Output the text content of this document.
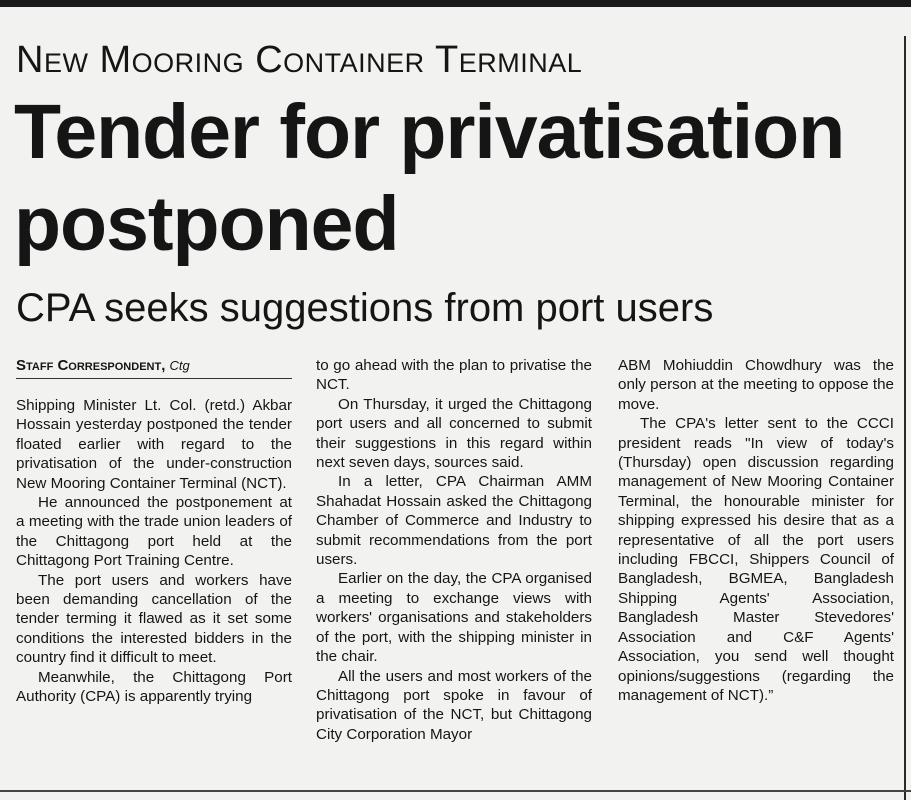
New Mooring Container Terminal
Tender for privatisation postponed
CPA seeks suggestions from port users
Staff Correspondent, Ctg

Shipping Minister Lt. Col. (retd.) Akbar Hossain yesterday postponed the tender floated earlier with regard to the privatisation of the under-construction New Mooring Container Terminal (NCT).

He announced the postponement at a meeting with the trade union leaders of the Chittagong port held at the Chittagong Port Training Centre.

The port users and workers have been demanding cancellation of the tender terming it flawed as it set some conditions the interested bidders in the country find it difficult to meet.

Meanwhile, the Chittagong Port Authority (CPA) is apparently trying

to go ahead with the plan to privatise the NCT.

On Thursday, it urged the Chittagong port users and all concerned to submit their suggestions in this regard within next seven days, sources said.

In a letter, CPA Chairman AMM Shahadat Hossain asked the Chittagong Chamber of Commerce and Industry to submit recommendations from the port users.

Earlier on the day, the CPA organised a meeting to exchange views with workers' organisations and stakeholders of the port, with the shipping minister in the chair.

All the users and most workers of the Chittagong port spoke in favour of privatisation of the NCT, but Chittagong City Corporation Mayor

ABM Mohiuddin Chowdhury was the only person at the meeting to oppose the move.

The CPA's letter sent to the CCCI president reads "In view of today's (Thursday) open discussion regarding management of New Mooring Container Terminal, the honourable minister for shipping expressed his desire that as a representative of all the port users including FBCCI, Shippers Council of Bangladesh, BGMEA, Bangladesh Shipping Agents' Association, Bangladesh Master Stevedores' Association and C&F Agents' Association, you send well thought opinions/suggestions (regarding the management of NCT).”
